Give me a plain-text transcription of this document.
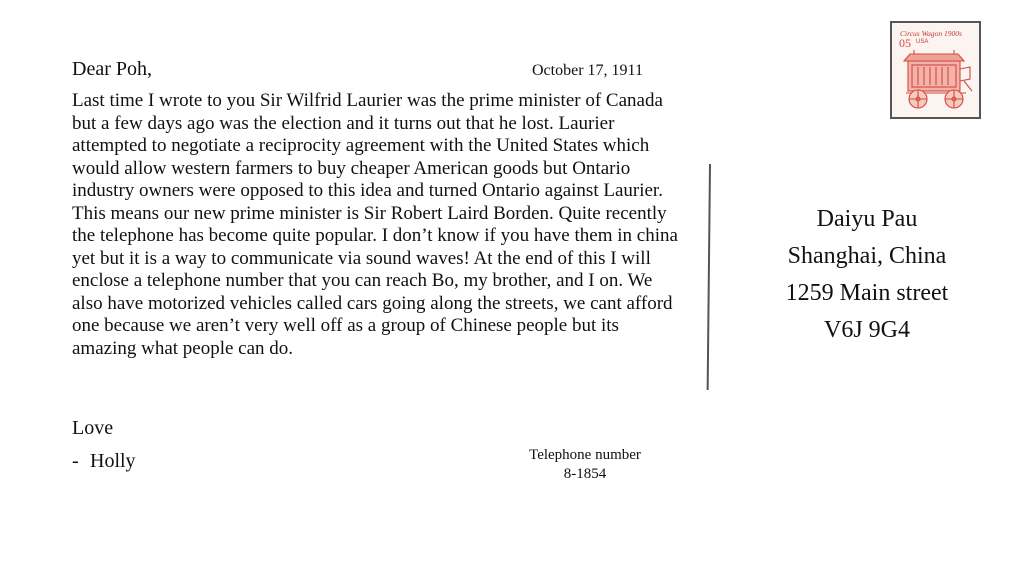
Dear Poh,	October 17, 1911

Last time I wrote to you Sir Wilfrid Laurier was the prime minister of Canada but a few days ago was the election and it turns out that he lost. Laurier attempted to negotiate a reciprocity agreement with the United States which would allow western farmers to buy cheaper American goods but Ontario industry owners were opposed to this idea and turned Ontario against Laurier. This means our new prime minister is Sir Robert Laird Borden. Quite recently the telephone has become quite popular. I don’t know if you have them in china yet but it is a way to communicate via sound waves! At the end of this I will enclose a telephone number that you can reach Bo, my brother, and I on. We also have motorized vehicles called cars going along the streets, we cant afford one because we aren’t very well off as a group of Chinese people but its amazing what people can do.

Love
- Holly	Telephone number
8-1854
Daiyu Pau
Shanghai, China
1259 Main street
V6J 9G4
Circus Wagon 1900s
05 USA
